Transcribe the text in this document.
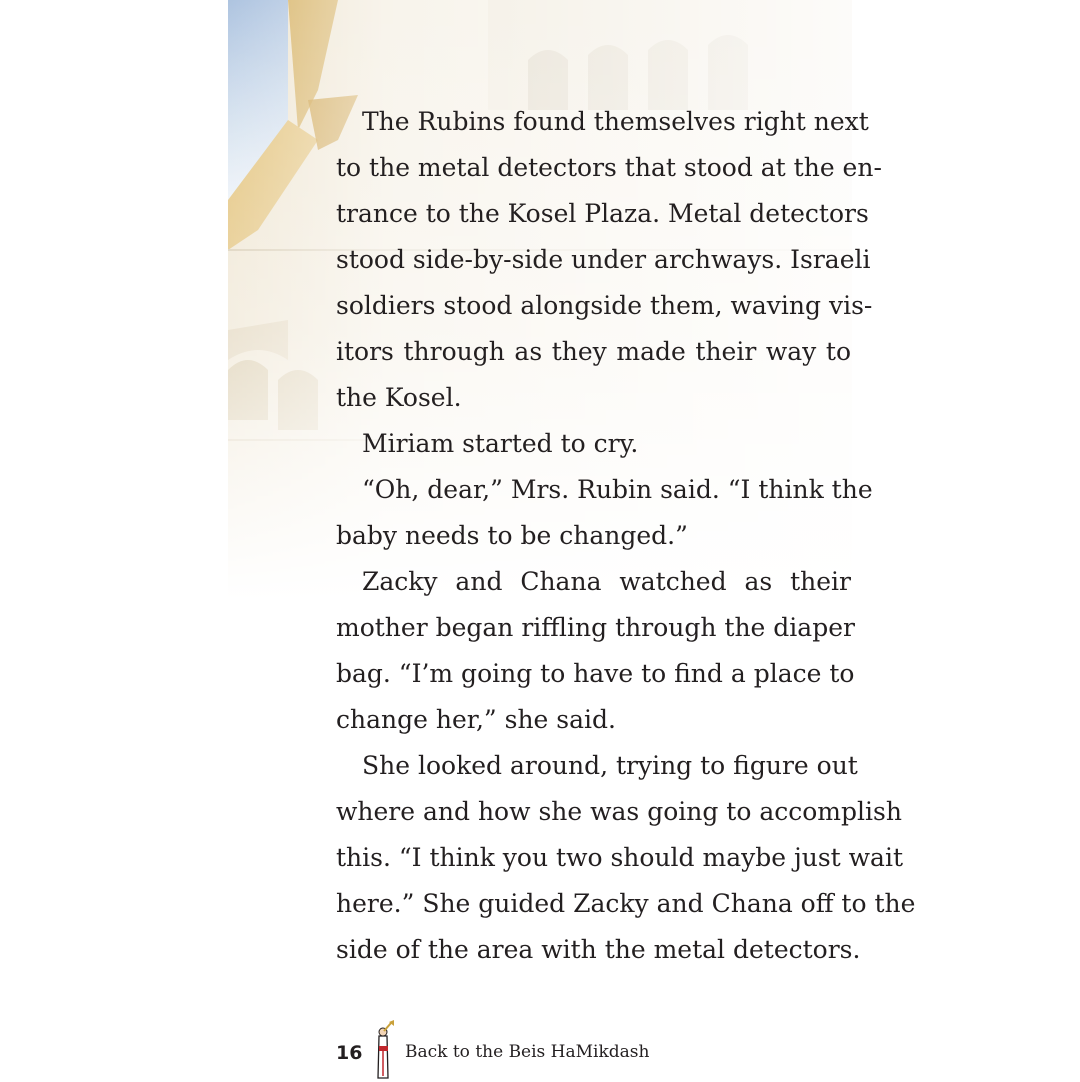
The Rubins found themselves right next
to the metal detectors that stood at the en-
trance to the Kosel Plaza. Metal detectors
stood side-by-side under archways. Israeli
soldiers stood alongside them, waving vis-
itors through as they made their way to
the Kosel.
Miriam started to cry.
“Oh, dear,” Mrs. Rubin said. “I think the
baby needs to be changed.”
Zacky and Chana watched as their
mother began riffling through the diaper
bag. “I’m going to have to find a place to
change her,” she said.
She looked around, trying to figure out
where and how she was going to accomplish
this. “I think you two should maybe just wait
here.” She guided Zacky and Chana off to the
side of the area with the metal detectors.
16	Back to the Beis HaMikdash
